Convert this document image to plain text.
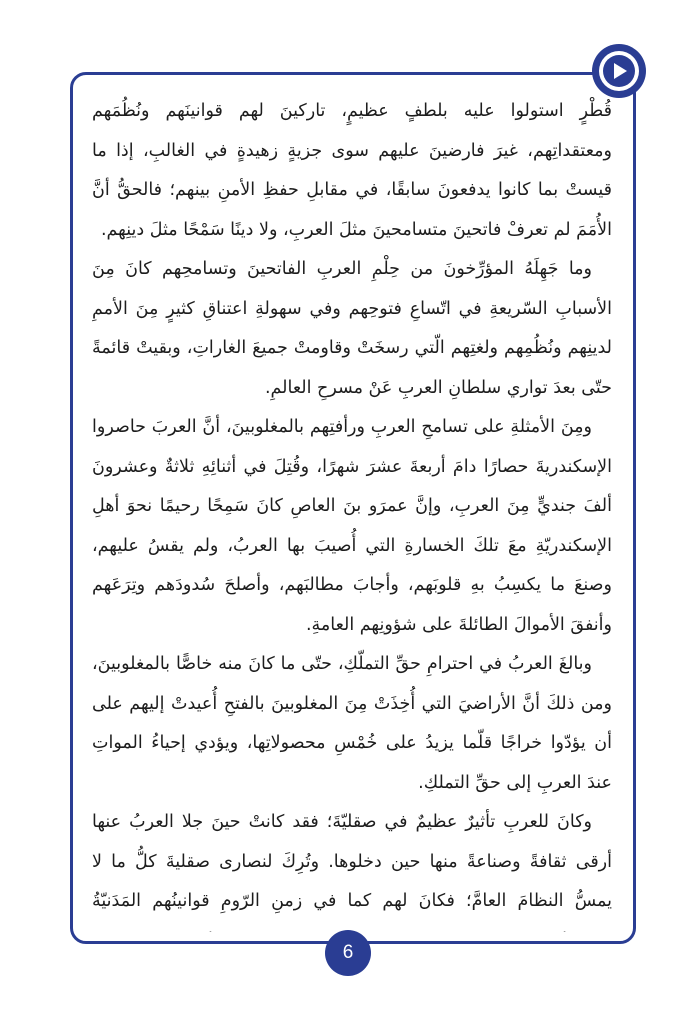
قُطْرٍ استولوا عليه بلطفٍ عظيمٍ، تاركينَ لهم قوانينَهم ونُظُمَهم ومعتقداتِهم، غيرَ فارضينَ عليهم سوى جزيةٍ زهيدةٍ في الغالبِ، إذا ما قيستْ بما كانوا يدفعونَ سابقًا، في مقابلِ حفظِ الأمنِ بينهم؛ فالحقُّ أنَّ الأُمَمَ لم تعرفْ فاتحينَ متسامحينَ مثلَ العربِ، ولا دينًا سَمْحًا مثلَ دينِهم.

وما جَهِلَهُ المؤرِّخونَ من حِلْمِ العربِ الفاتحينَ وتسامحِهم كانَ مِنَ الأسبابِ السّريعةِ في اتّساعِ فتوحِهم وفي سهولةِ اعتناقِ كثيرٍ مِنَ الأممِ لدينِهم ونُظُمِهم ولغتِهم الّتي رسخَتْ وقاومتْ جميعَ الغاراتِ، وبقيتْ قائمةً حتّى بعدَ تواري سلطانِ العربِ عَنْ مسرحِ العالمِ.

ومِنَ الأمثلةِ على تسامحِ العربِ ورأفتِهم بالمغلوبينَ، أنَّ العربَ حاصروا الإسكندريةَ حصارًا دامَ أربعةَ عشرَ شهرًا، وقُتِلَ في أثنائِهِ ثلاثةٌ وعشرونَ ألفَ جنديٍّ مِنَ العربِ، وإنَّ عمرَو بنَ العاصِ كانَ سَمِحًا رحيمًا نحوَ أهلِ الإسكندريّةِ معَ تلكَ الخسارةِ التي أُصيبَ بها العربُ، ولم يقسُ عليهم، وصنعَ ما يكسِبُ بهِ قلوبَهم، وأجابَ مطالبَهم، وأصلحَ سُدودَهم وتِرَعَهم وأنفقَ الأموالَ الطائلةَ على شؤونِهم العامةِ.

وبالغَ العربُ في احترامِ حقِّ التملّكِ، حتّى ما كانَ منه خاصًّا بالمغلوبينَ، ومن ذلكَ أنَّ الأراضيَ التي أُخِذَتْ مِنَ المغلوبينَ بالفتحِ أُعيدتْ إليهم على أن يؤدّوا خراجًا قلّما يزيدُ على خُمْسِ محصولاتِها، ويؤدي إحياءُ المواتِ عندَ العربِ إلى حقِّ التملكِ.

وكانَ للعربِ تأثيرٌ عظيمٌ في صقليّةَ؛ فقد كانتْ حينَ جلا العربُ عنها أرقى ثقافةً وصناعةً منها حين دخلوها. وتُرِكَ لنصارى صقليةَ كلُّ ما لا يمسُّ النظامَ العامَّ؛ فكانَ لهم كما في زمنِ الرّومِ قوانينُهم المَدَنيّةُ

6
